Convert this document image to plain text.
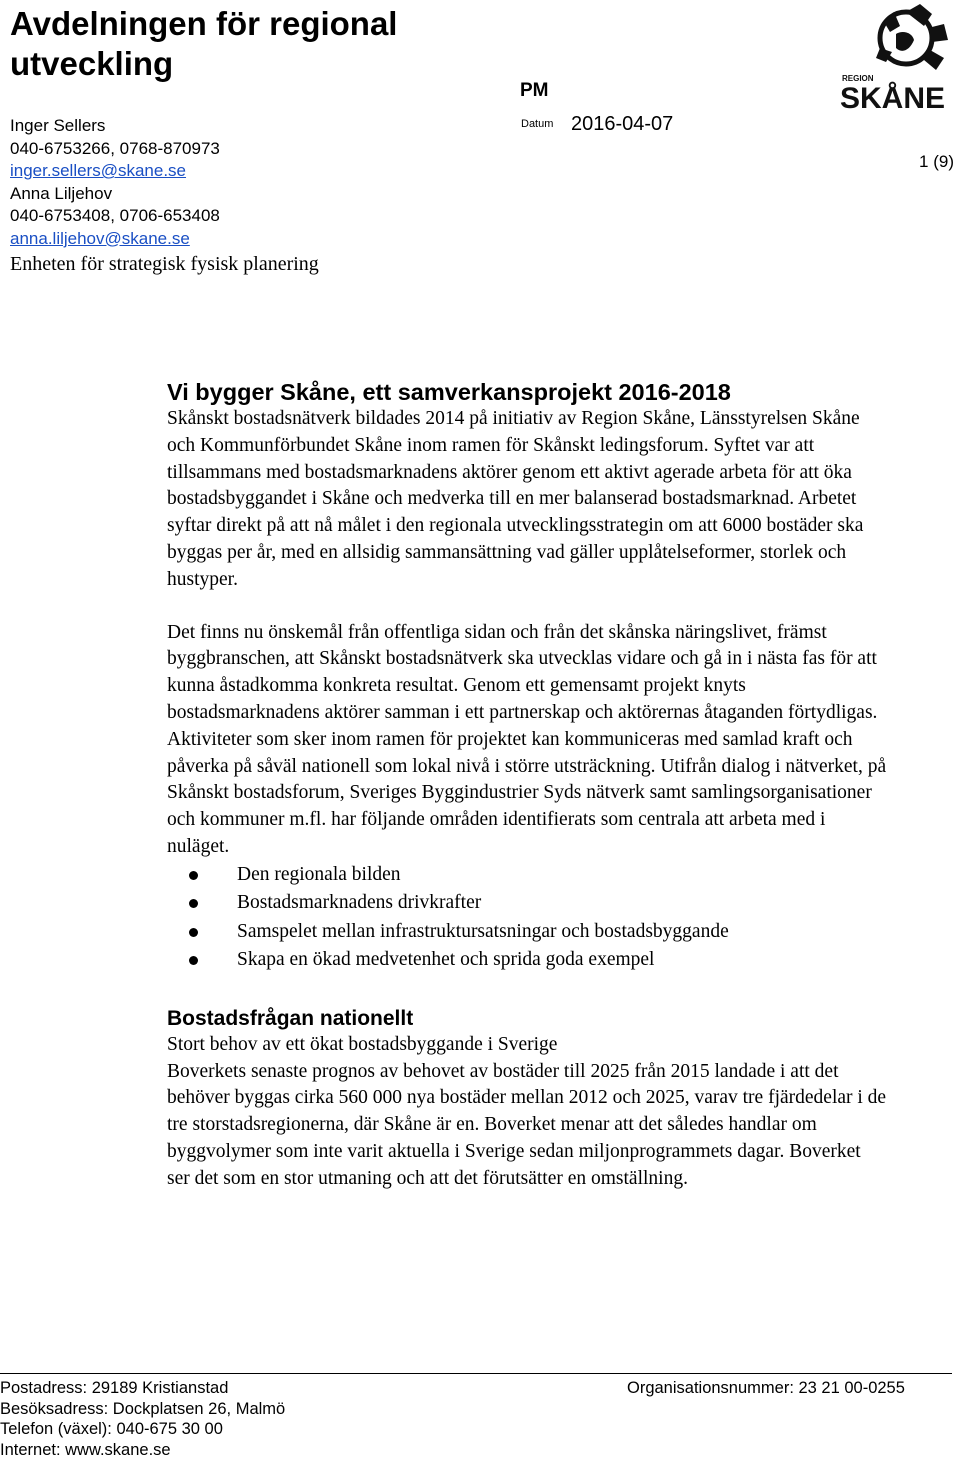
Avdelningen för regional utveckling
Inger Sellers
040-6753266, 0768-870973
inger.sellers@skane.se
Anna Liljehov
040-6753408, 0706-653408
anna.liljehov@skane.se
Enheten för strategisk fysisk planering
PM
Datum 2016-04-07
REGION
SKÅNE
1 (9)
Vi bygger Skåne, ett samverkansprojekt 2016-2018

Skånskt bostadsnätverk bildades 2014 på initiativ av Region Skåne, Länsstyrelsen Skåne och Kommunförbundet Skåne inom ramen för Skånskt ledingsforum. Syftet var att tillsammans med bostadsmarknadens aktörer genom ett aktivt agerade arbeta för att öka bostadsbyggandet i Skåne och medverka till en mer balanserad bostadsmarknad. Arbetet syftar direkt på att nå målet i den regionala utvecklingsstrategin om att 6000 bostäder ska byggas per år, med en allsidig sammansättning vad gäller upplåtelseformer, storlek och hustyper.

Det finns nu önskemål från offentliga sidan och från det skånska näringslivet, främst byggbranschen, att Skånskt bostadsnätverk ska utvecklas vidare och gå in i nästa fas för att kunna åstadkomma konkreta resultat. Genom ett gemensamt projekt knyts bostadsmarknadens aktörer samman i ett partnerskap och aktörernas åtaganden förtydligas. Aktiviteter som sker inom ramen för projektet kan kommuniceras med samlad kraft och påverka på såväl nationell som lokal nivå i större utsträckning. Utifrån dialog i nätverket, på Skånskt bostadsforum, Sveriges Byggindustrier Syds nätverk samt samlingsorganisationer och kommuner m.fl. har följande områden identifierats som centrala att arbeta med i nuläget.

Den regionala bilden
Bostadsmarknadens drivkrafter
Samspelet mellan infrastruktursatsningar och bostadsbyggande
Skapa en ökad medvetenhet och sprida goda exempel
Bostadsfrågan nationellt

Stort behov av ett ökat bostadsbyggande i Sverige

Boverkets senaste prognos av behovet av bostäder till 2025 från 2015 landade i att det behöver byggas cirka 560 000 nya bostäder mellan 2012 och 2025, varav tre fjärdedelar i de tre storstadsregionerna, där Skåne är en. Boverket menar att det således handlar om byggvolymer som inte varit aktuella i Sverige sedan miljonprogrammets dagar. Boverket ser det som en stor utmaning och att det förutsätter en omställning.

Postadress: 29189 Kristianstad
Besöksadress: Dockplatsen 26, Malmö
Telefon (växel): 040-675 30 00
Internet: www.skane.se
Organisationsnummer: 23 21 00-0255
